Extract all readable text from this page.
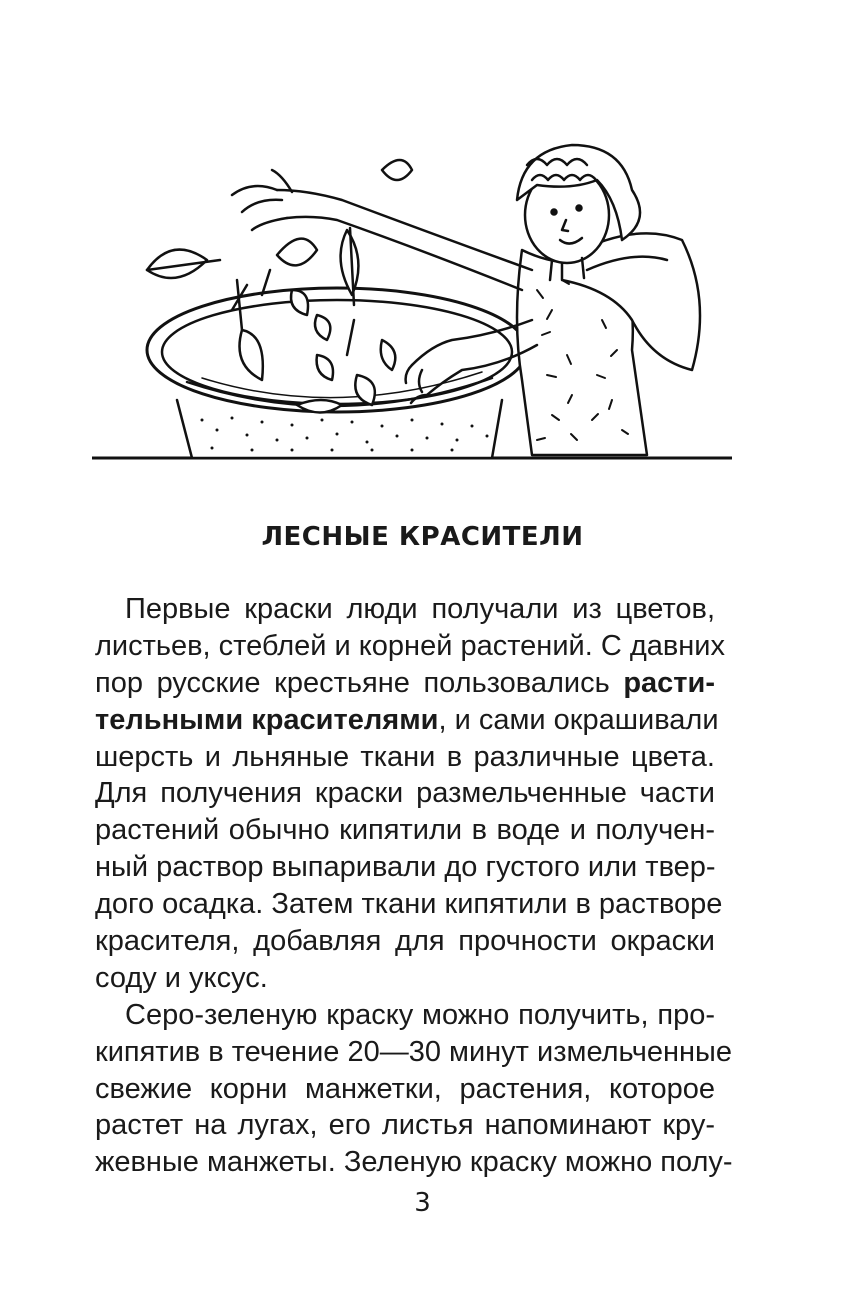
ЛЕСНЫЕ КРАСИТЕЛИ
Первые краски люди получали из цветов,
листьев, стеблей и корней растений. С давних
пор русские крестьяне пользовались расти-
тельными красителями, и сами окрашивали
шерсть и льняные ткани в различные цвета.
Для получения краски размельченные части
растений обычно кипятили в воде и получен-
ный раствор выпаривали до густого или твер-
дого осадка. Затем ткани кипятили в растворе
красителя, добавляя для прочности окраски
соду и уксус.
Серо-зеленую краску можно получить, про-
кипятив в течение 20—30 минут измельченные
свежие корни манжетки, растения, которое
растет на лугах, его листья напоминают кру-
жевные манжеты. Зеленую краску можно полу-
3
